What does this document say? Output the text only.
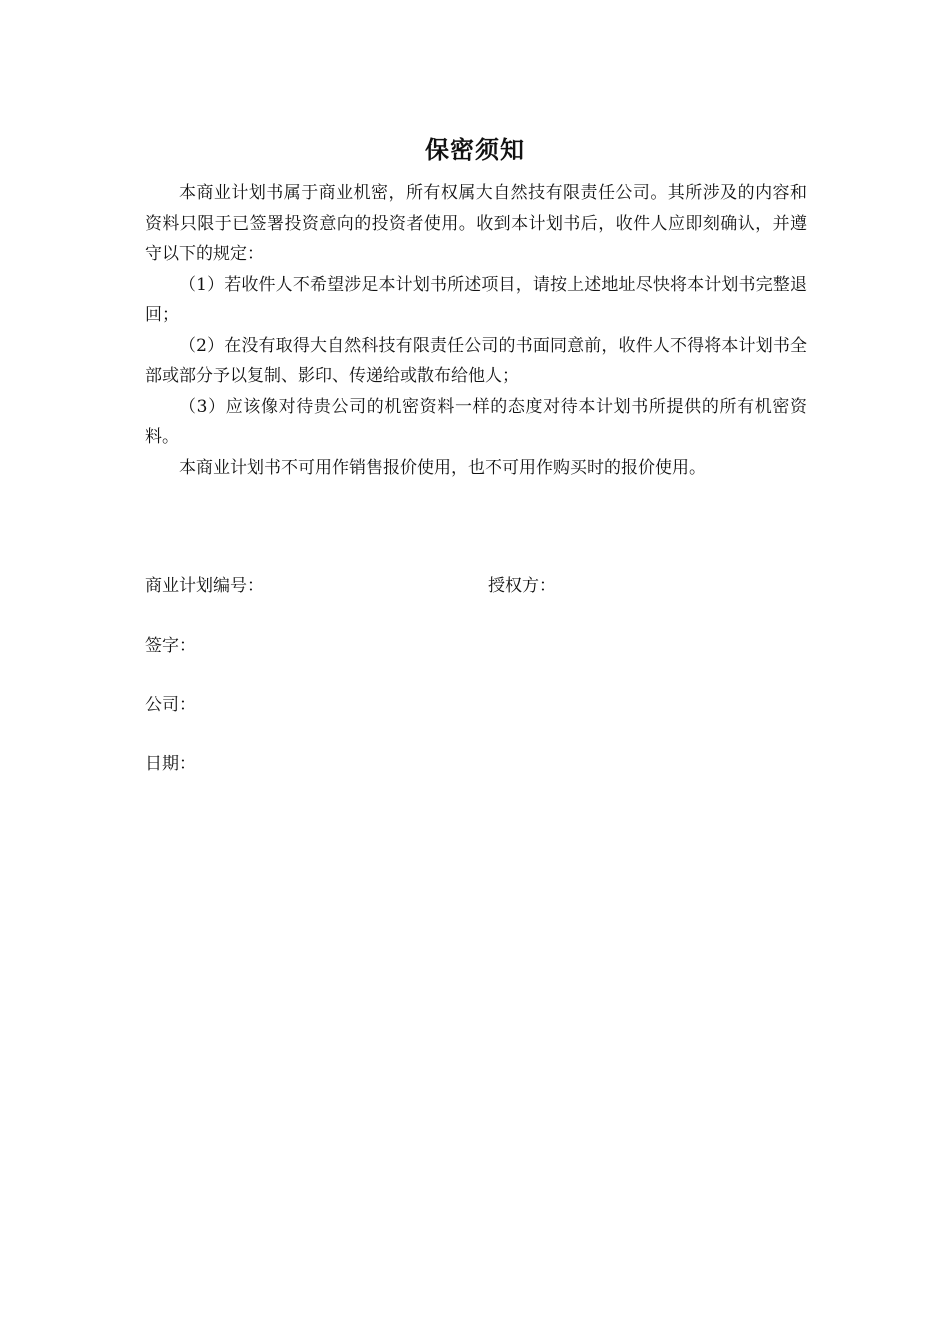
保密须知

本商业计划书属于商业机密，所有权属大自然技有限责任公司。其所涉及的内容和资料只限于已签署投资意向的投资者使用。收到本计划书后，收件人应即刻确认，并遵守以下的规定：

（1）若收件人不希望涉足本计划书所述项目，请按上述地址尽快将本计划书完整退回；

（2）在没有取得大自然科技有限责任公司的书面同意前，收件人不得将本计划书全部或部分予以复制、影印、传递给或散布给他人；

（3）应该像对待贵公司的机密资料一样的态度对待本计划书所提供的所有机密资料。

本商业计划书不可用作销售报价使用，也不可用作购买时的报价使用。

商业计划编号：	授权方：
签字：
公司：
日期：
